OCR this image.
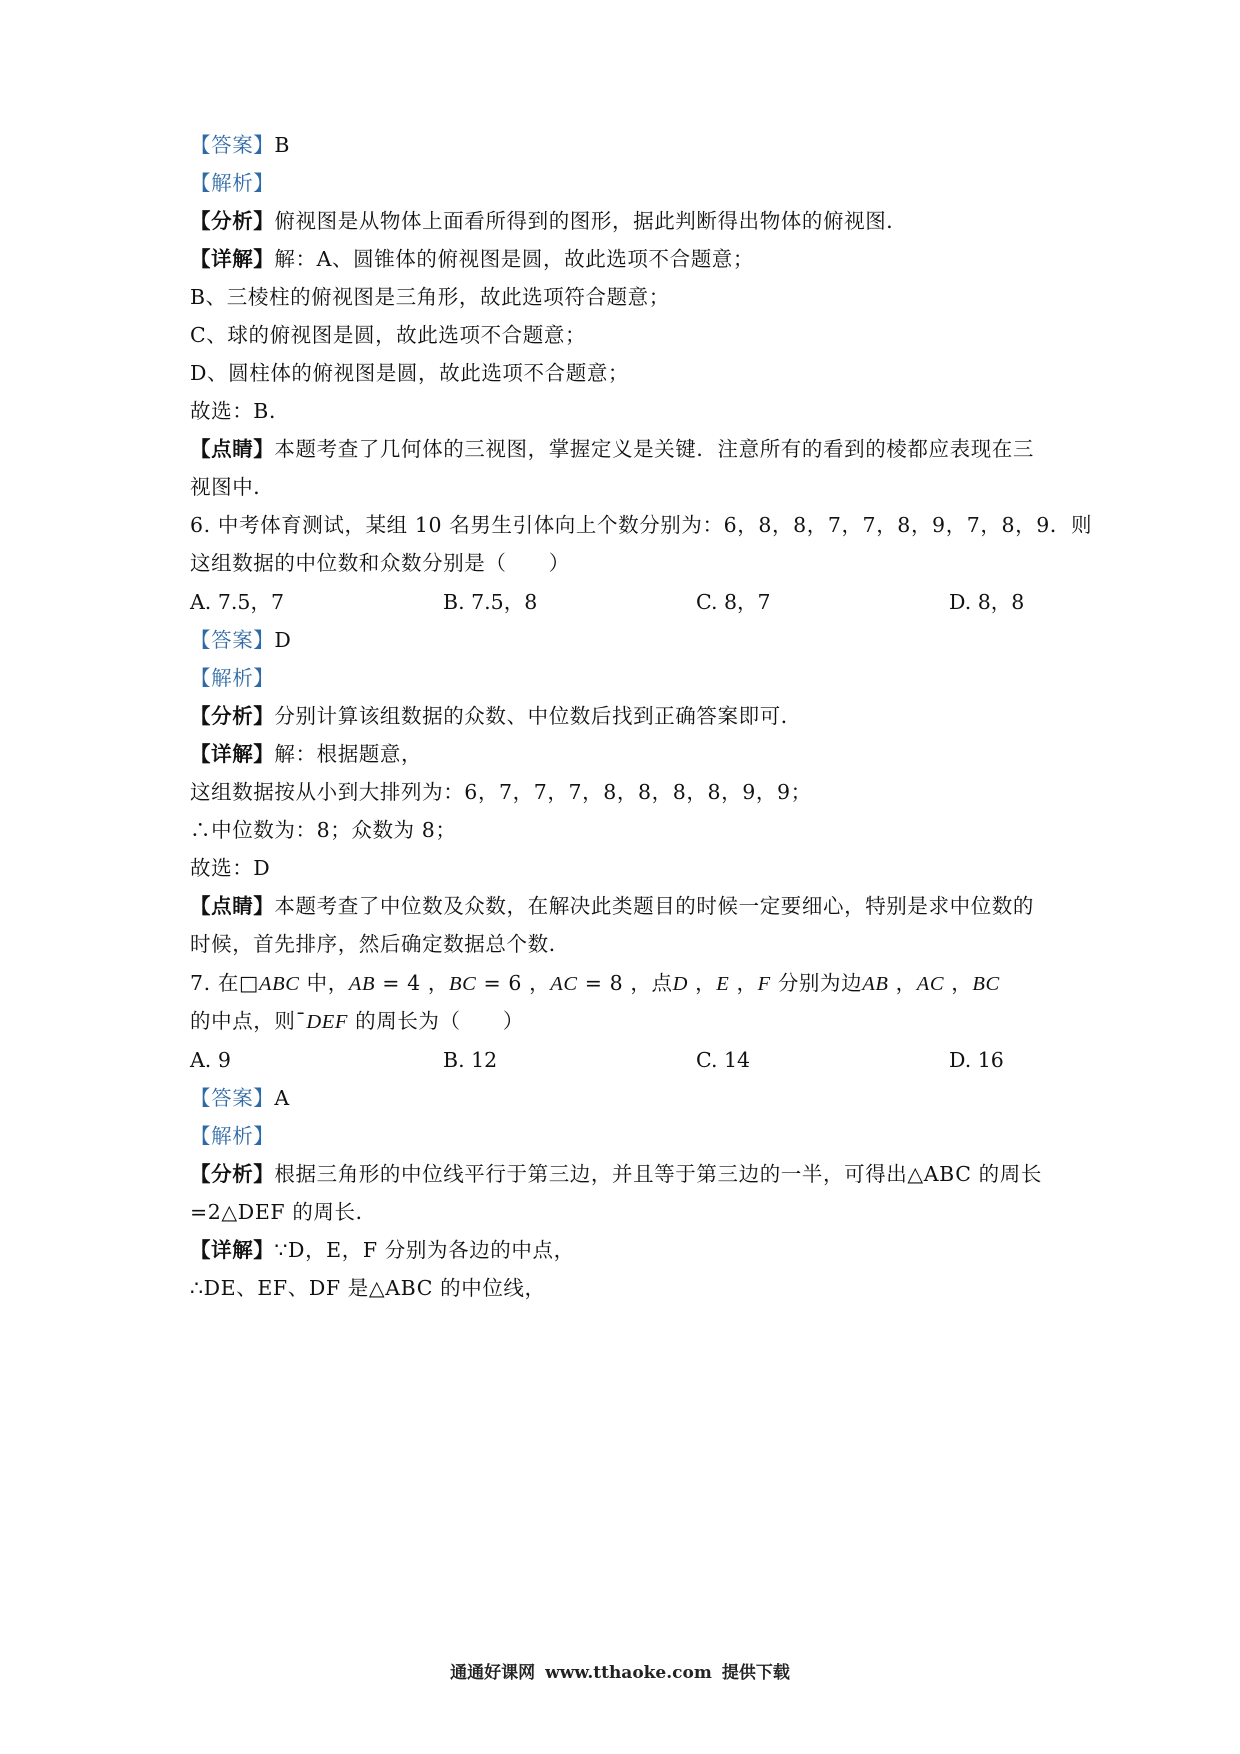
【答案】B
【解析】
【分析】俯视图是从物体上面看所得到的图形，据此判断得出物体的俯视图．
【详解】解：A、圆锥体的俯视图是圆，故此选项不合题意；
B、三棱柱的俯视图是三角形，故此选项符合题意；
C、球的俯视图是圆，故此选项不合题意；
D、圆柱体的俯视图是圆，故此选项不合题意；
故选：B．
【点睛】本题考查了几何体的三视图，掌握定义是关键．注意所有的看到的棱都应表现在三
视图中．
6. 中考体育测试，某组 10 名男生引体向上个数分别为：6，8，8，7，7，8，9，7，8，9．则
这组数据的中位数和众数分别是（　　）
A. 7.5，7	B. 7.5，8	C. 8，7	D. 8，8
【答案】D
【解析】
【分析】分别计算该组数据的众数、中位数后找到正确答案即可．
【详解】解：根据题意，
这组数据按从小到大排列为：6，7，7，7，8，8，8，8，9，9；
∴中位数为：8；众数为 8；
故选：D
【点睛】本题考查了中位数及众数，在解决此类题目的时候一定要细心，特别是求中位数的
时候，首先排序，然后确定数据总个数．
7. 在□ABC 中，AB = 4 ，BC = 6 ，AC = 8 ，点D ，E ，F 分别为边AB ，AC ，BC
的中点，则¯DEF 的周长为（　　）
A. 9	B. 12	C. 14	D. 16
【答案】A
【解析】
【分析】根据三角形的中位线平行于第三边，并且等于第三边的一半，可得出△ABC 的周长
=2△DEF 的周长．
【详解】∵D，E，F 分别为各边的中点，
∴DE、EF、DF 是△ABC 的中位线，
通通好课网 www.tthaoke.com 提供下载
